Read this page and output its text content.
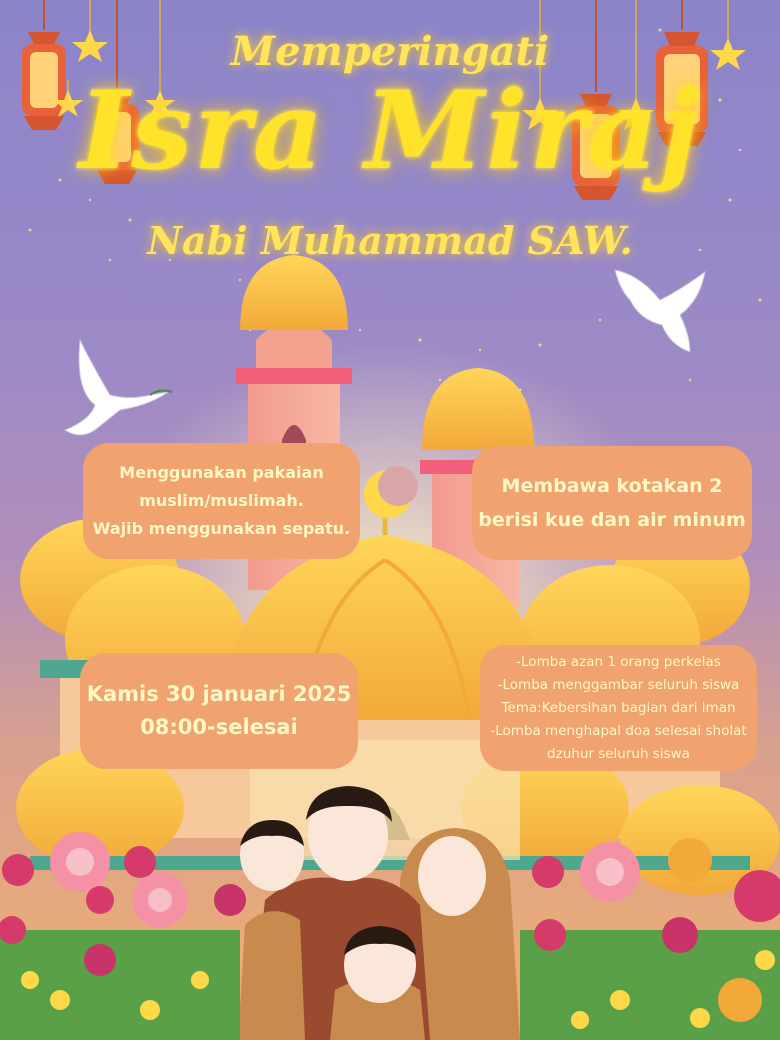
Memperingati
Isra Miraj
Nabi Muhammad SAW.
Menggunakan pakaian
muslim/muslimah.
Wajib menggunakan sepatu.
Membawa kotakan 2
berisi kue dan air minum
Kamis 30 januari 2025
08:00-selesai
-Lomba azan 1 orang perkelas
-Lomba menggambar seluruh siswa
Tema:Kebersihan bagian dari iman
-Lomba menghapal doa selesai sholat
dzuhur seluruh siswa
